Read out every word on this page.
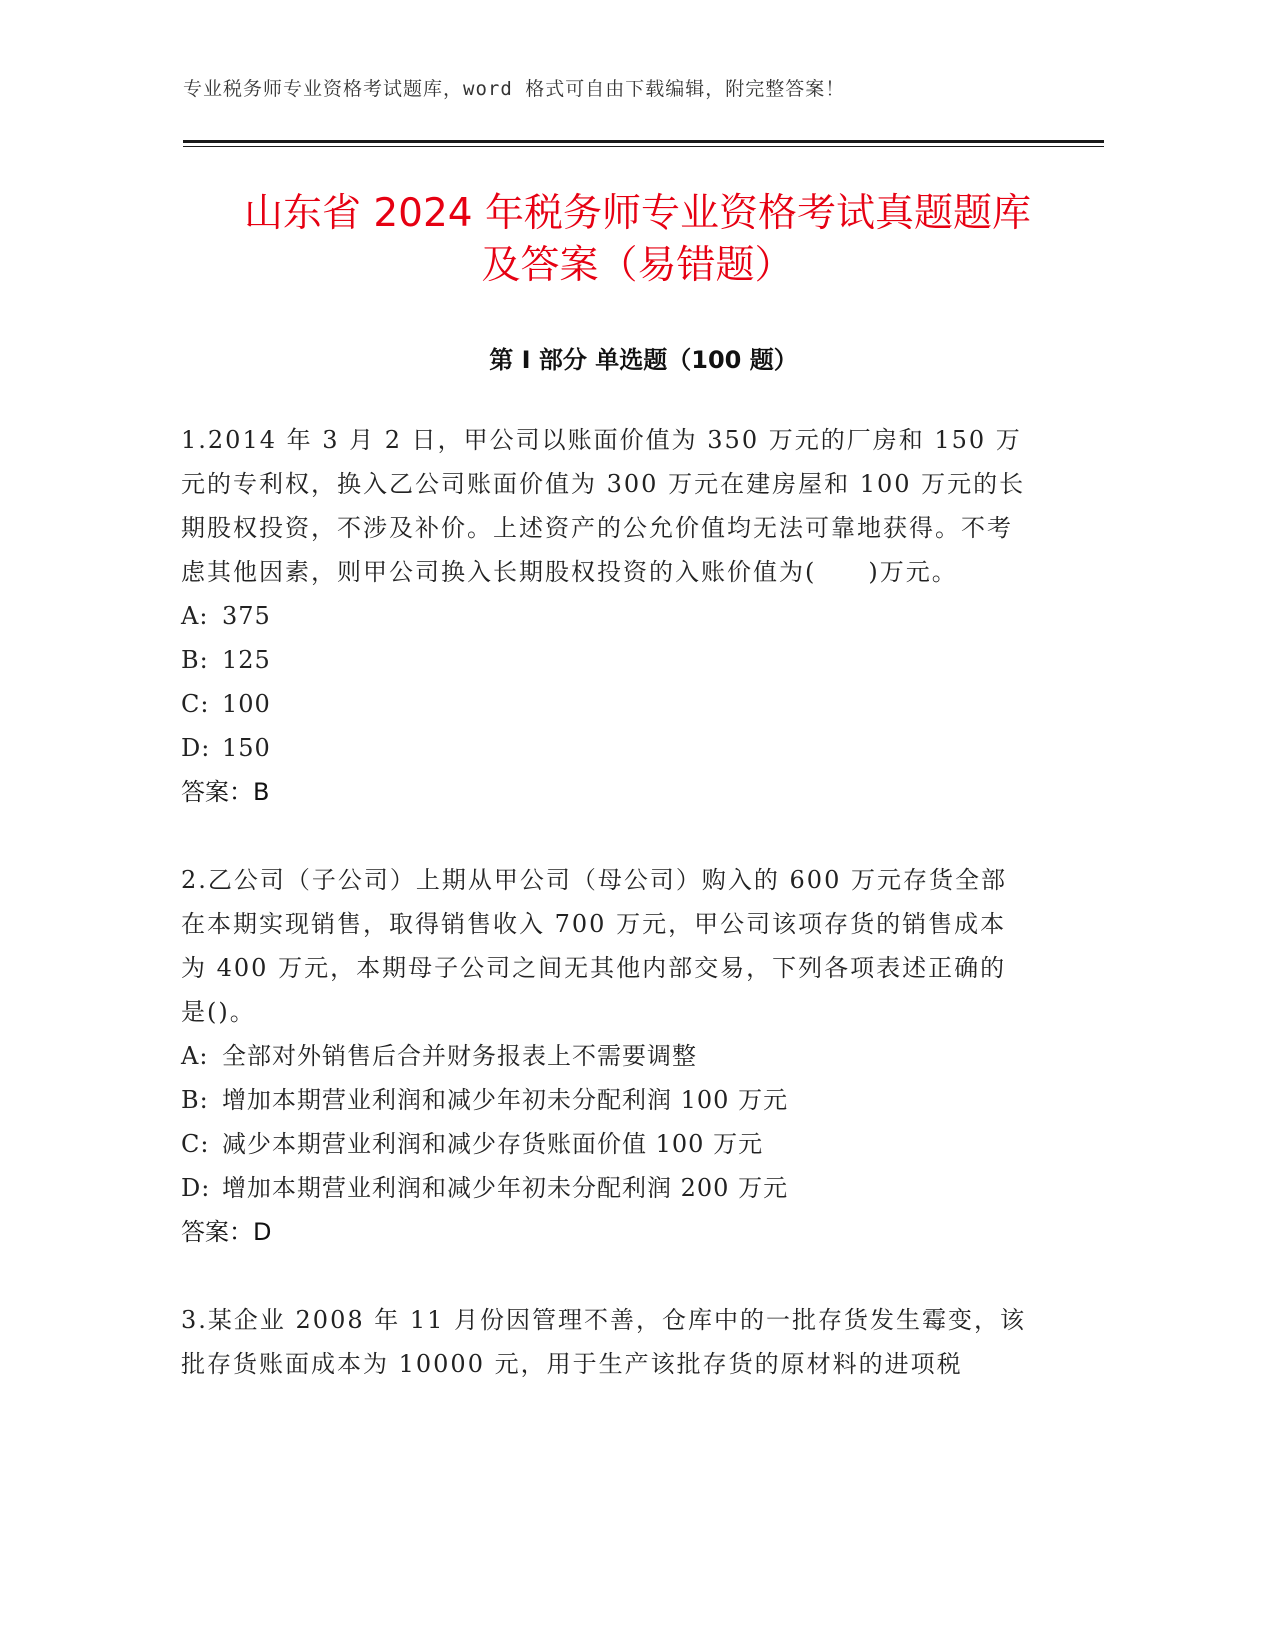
专业税务师专业资格考试题库，word 格式可自由下载编辑，附完整答案！
山东省 2024 年税务师专业资格考试真题题库
及答案（易错题）
第 I 部分 单选题（100 题）

1.2014 年 3 月 2 日，甲公司以账面价值为 350 万元的厂房和 150 万元的专利权，换入乙公司账面价值为 300 万元在建房屋和 100 万元的长期股权投资，不涉及补价。上述资产的公允价值均无法可靠地获得。不考虑其他因素，则甲公司换入长期股权投资的入账价值为(　　)万元。

A: 375
B: 125
C: 100
D: 150
答案：B

2.乙公司（子公司）上期从甲公司（母公司）购入的 600 万元存货全部在本期实现销售，取得销售收入 700 万元，甲公司该项存货的销售成本为 400 万元，本期母子公司之间无其他内部交易，下列各项表述正确的是()。

A: 全部对外销售后合并财务报表上不需要调整
B: 增加本期营业利润和减少年初未分配利润 100 万元
C: 减少本期营业利润和减少存货账面价值 100 万元
D: 增加本期营业利润和减少年初未分配利润 200 万元
答案：D

3.某企业 2008 年 11 月份因管理不善，仓库中的一批存货发生霉变，该批存货账面成本为 10000 元，用于生产该批存货的原材料的进项税
